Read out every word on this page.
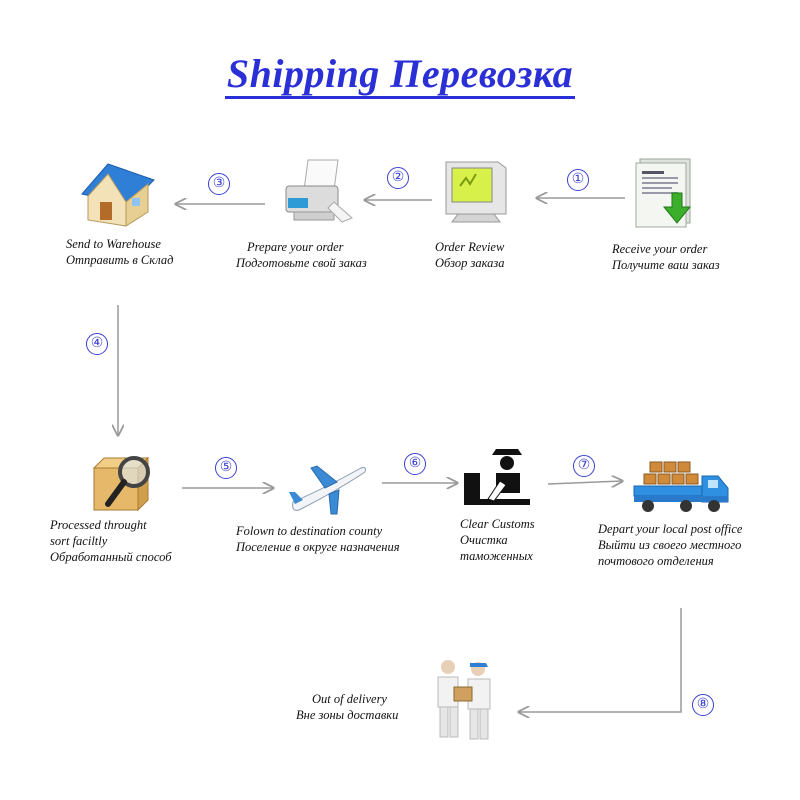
Shipping Перевозка
①
②
③
④
⑤	⑥	⑦
⑧
Receive your order
Получите ваш заказ
Order Review
Обзор заказа
Prepare your order
Подготовьте свой заказ
Send to Warehouse
Отправить в Склад
Processed throught
sort faciltly
Обработанный способ
Folown to destination county
Поселение в округе назначения
Clear Customs
Очистка
таможенных
Depart your local post office
Выйти из своего местного
почтового отделения
Out of delivery
Вне зоны доставки
